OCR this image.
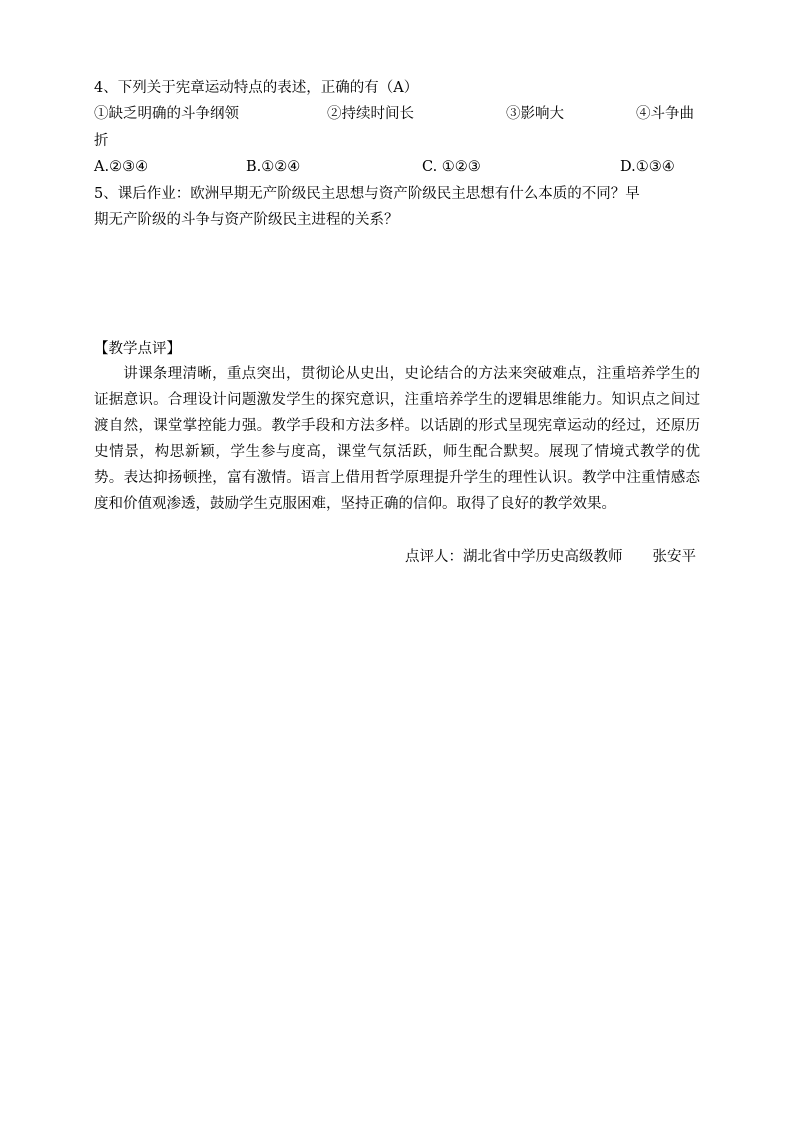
4、下列关于宪章运动特点的表述，正确的有（A）
①缺乏明确的斗争纲领	②持续时间长	③影响大	④斗争曲
折
A.②③④	B.①②④	C. ①②③	D.①③④
5、课后作业：欧洲早期无产阶级民主思想与资产阶级民主思想有什么本质的不同？早
期无产阶级的斗争与资产阶级民主进程的关系？
【教学点评】
讲课条理清晰，重点突出，贯彻论从史出，史论结合的方法来突破难点，注重培养学生的证据意识。合理设计问题激发学生的探究意识，注重培养学生的逻辑思维能力。知识点之间过渡自然，课堂掌控能力强。教学手段和方法多样。以话剧的形式呈现宪章运动的经过，还原历史情景，构思新颖，学生参与度高，课堂气氛活跃，师生配合默契。展现了情境式教学的优势。表达抑扬顿挫，富有激情。语言上借用哲学原理提升学生的理性认识。教学中注重情感态度和价值观渗透，鼓励学生克服困难，坚持正确的信仰。取得了良好的教学效果。
点评人：湖北省中学历史高级教师 张安平
